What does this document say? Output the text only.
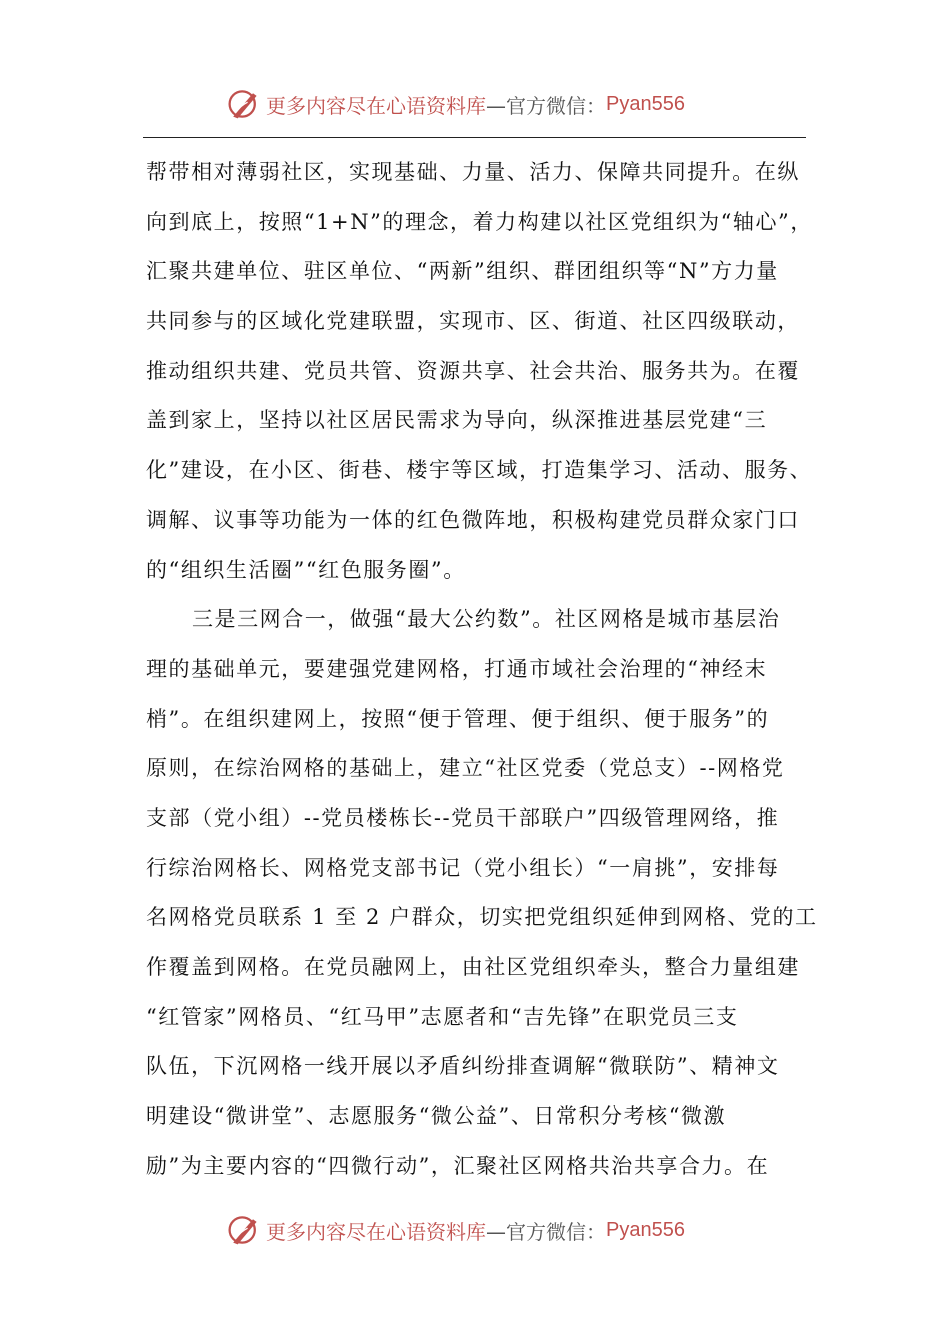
更多内容尽在心语资料库 —官方微信： Pyan556
帮带相对薄弱社区，实现基础、力量、活力、保障共同提升。在纵
向到底上，按照“1+N”的理念，着力构建以社区党组织为“轴心”，
汇聚共建单位、驻区单位、“两新”组织、群团组织等“N”方力量
共同参与的区域化党建联盟，实现市、区、街道、社区四级联动，
推动组织共建、党员共管、资源共享、社会共治、服务共为。在覆
盖到家上，坚持以社区居民需求为导向，纵深推进基层党建“三
化”建设，在小区、街巷、楼宇等区域，打造集学习、活动、服务、
调解、议事等功能为一体的红色微阵地，积极构建党员群众家门口
的“组织生活圈”“红色服务圈”。
三是三网合一，做强“最大公约数”。社区网格是城市基层治
理的基础单元，要建强党建网格，打通市域社会治理的“神经末
梢”。在组织建网上，按照“便于管理、便于组织、便于服务”的
原则，在综治网格的基础上，建立“社区党委（党总支）--网格党
支部（党小组）--党员楼栋长--党员干部联户”四级管理网络，推
行综治网格长、网格党支部书记（党小组长）“一肩挑”，安排每
名网格党员联系 1 至 2 户群众，切实把党组织延伸到网格、党的工
作覆盖到网格。在党员融网上，由社区党组织牵头，整合力量组建
“红管家”网格员、“红马甲”志愿者和“吉先锋”在职党员三支
队伍，下沉网格一线开展以矛盾纠纷排查调解“微联防”、精神文
明建设“微讲堂”、志愿服务“微公益”、日常积分考核“微激
励”为主要内容的“四微行动”，汇聚社区网格共治共享合力。在
更多内容尽在心语资料库 —官方微信： Pyan556
